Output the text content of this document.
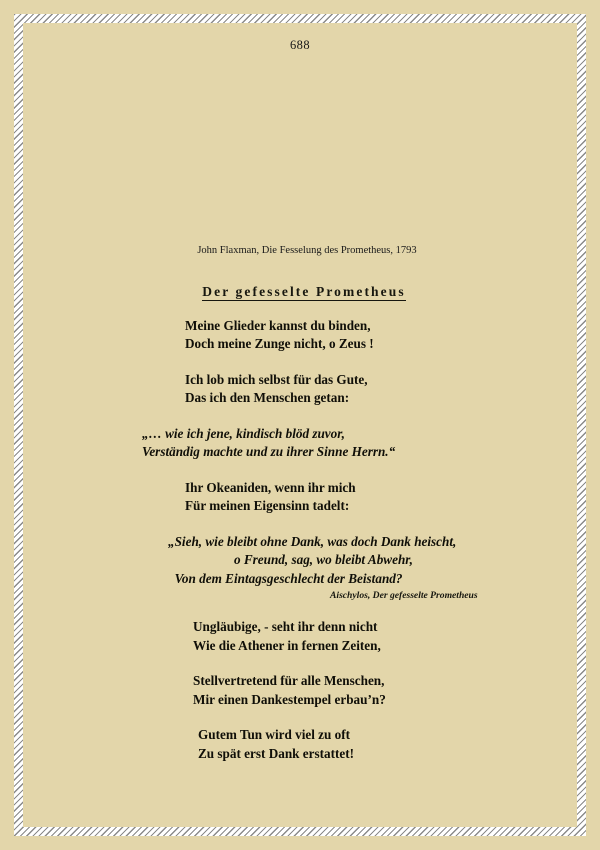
688
John Flaxman, Die Fesselung des Prometheus, 1793
Der gefesselte Prometheus
Meine Glieder kannst du binden,
Doch meine Zunge nicht, o Zeus !
Ich lob mich selbst für das Gute,
Das ich den Menschen getan:
„… wie ich jene, kindisch blöd zuvor,
Verständig machte und zu ihrer Sinne Herrn.“
Ihr Okeaniden, wenn ihr mich
Für meinen Eigensinn tadelt:
„Sieh, wie bleibt ohne Dank, was doch Dank heischt,
o Freund, sag, wo bleibt Abwehr,
Von dem Eintagsgeschlecht der Beistand?
Aischylos, Der gefesselte Prometheus
Ungläubige, - seht ihr denn nicht
Wie die Athener in fernen Zeiten,
Stellvertretend für alle Menschen,
Mir einen Dankestempel erbau’n?
Gutem Tun wird viel zu oft
Zu spät erst Dank erstattet!
